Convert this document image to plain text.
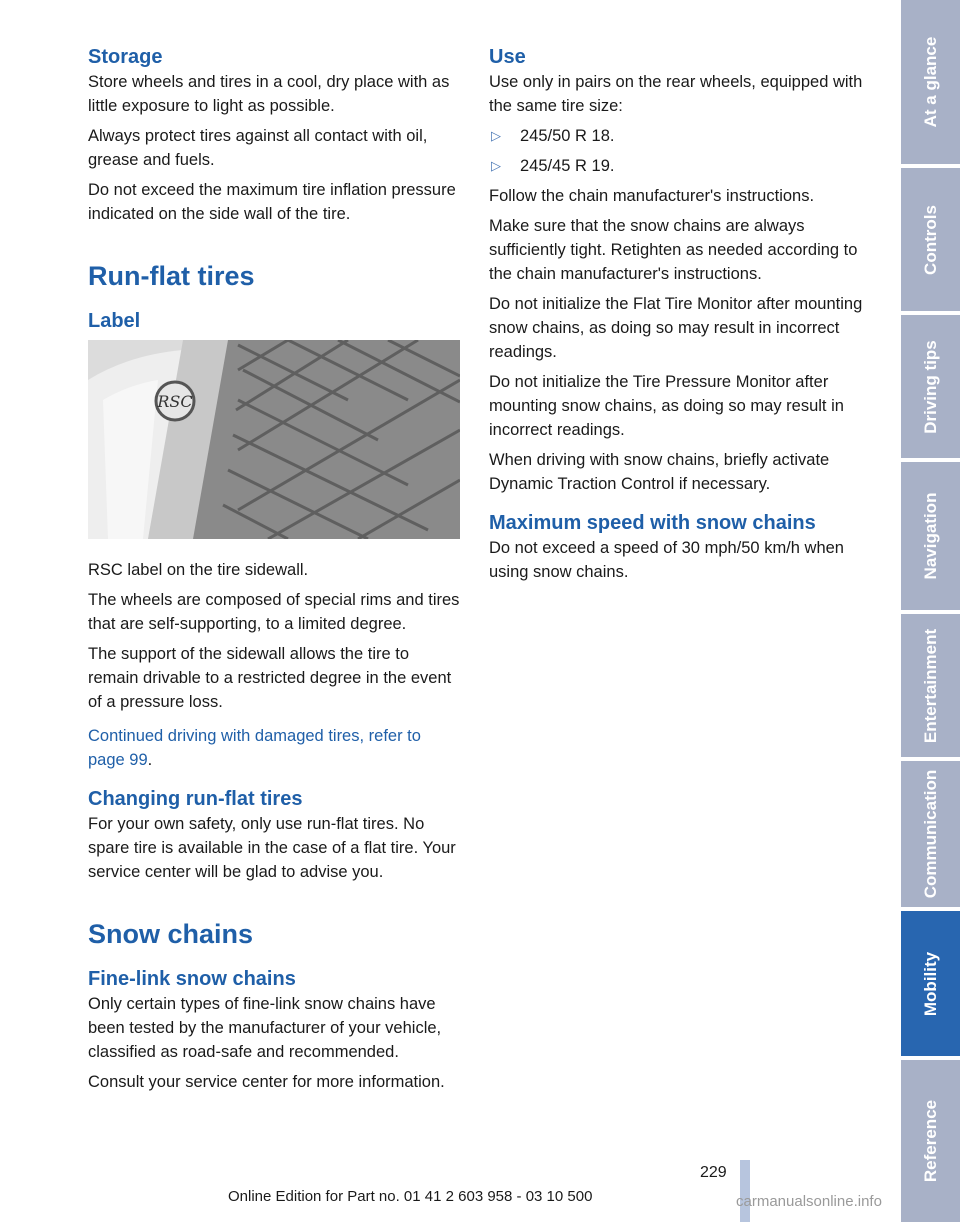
Storage

Store wheels and tires in a cool, dry place with as little exposure to light as possible.

Always protect tires against all contact with oil, grease and fuels.

Do not exceed the maximum tire inflation pressure indicated on the side wall of the tire.

Run-flat tires
Label
RSC

RSC label on the tire sidewall.

The wheels are composed of special rims and tires that are self-supporting, to a limited degree.

The support of the sidewall allows the tire to remain drivable to a restricted degree in the event of a pressure loss.

Continued driving with damaged tires, refer to page 99.

Changing run-flat tires

For your own safety, only use run-flat tires. No spare tire is available in the case of a flat tire. Your service center will be glad to advise you.

Snow chains
Fine-link snow chains

Only certain types of fine-link snow chains have been tested by the manufacturer of your vehicle, classified as road-safe and recommended.

Consult your service center for more information.

Use

Use only in pairs on the rear wheels, equipped with the same tire size:

▷ 245/50 R 18.
▷ 245/45 R 19.

Follow the chain manufacturer's instructions.

Make sure that the snow chains are always sufficiently tight. Retighten as needed according to the chain manufacturer's instructions.

Do not initialize the Flat Tire Monitor after mounting snow chains, as doing so may result in incorrect readings.

Do not initialize the Tire Pressure Monitor after mounting snow chains, as doing so may result in incorrect readings.

When driving with snow chains, briefly activate Dynamic Traction Control if necessary.

Maximum speed with snow chains

Do not exceed a speed of 30 mph/50 km/h when using snow chains.

At a glance
Controls
Driving tips
Navigation
Entertainment
Communication
Mobility
Reference
229
Online Edition for Part no. 01 41 2 603 958 - 03 10 500	carmanualsonline.info
